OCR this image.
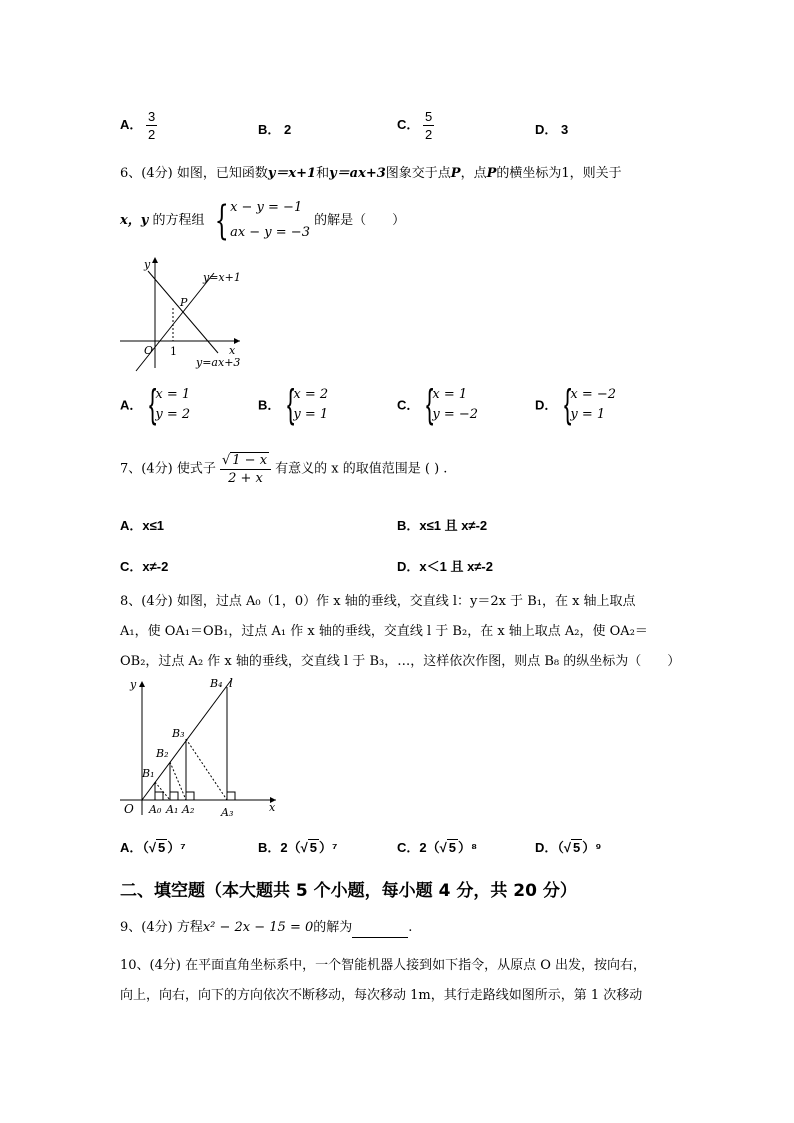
A． $\frac{3}{2}$	B． 2	C． $\frac{5}{2}$	D． 3
6、(4分) 如图，已知函数y＝x+1和y＝ax+3图象交于点P，点P的横坐标为1，则关于
x，y 的方程组 { x − y = −1
ax − y = −3
的解是（　　）
y
x
O 1
P
y=x+1
y=ax+3
A． { x = 1
y = 2
B． { x = 2
y = 1
C． { x = 1
y = −2
D． { x = −2
y = 1
7、(4分) 使式子 $\frac{√ 1 - x}{2 + x}$ 有意义的 x 的取值范围是 ( ) .
A．x≤1	B．x≤1 且 x≠-2
C．x≠-2	D．x＜1 且 x≠-2
8、(4分) 如图，过点 A₀（1，0）作 x 轴的垂线，交直线 l：y＝2x 于 B₁，在 x 轴上取点
A₁，使 OA₁＝OB₁，过点 A₁ 作 x 轴的垂线，交直线 l 于 B₂，在 x 轴上取点 A₂，使 OA₂＝
OB₂，过点 A₂ 作 x 轴的垂线，交直线 l 于 B₃，…，这样依次作图，则点 B₈ 的纵坐标为（　　）
y
x
O
l
B₁
B₂
B₃
B₄
A₀ A₁ A₂ A₃
A．（√ 5 ）⁷	B．2（√ 5 ）⁷	C．2（√ 5 ）⁸	D．（√ 5 ）⁹
二、填空题（本大题共 5 个小题，每小题 4 分，共 20 分）
9、(4分) 方程x² − 2x − 15 = 0的解为	.
10、(4分) 在平面直角坐标系中，一个智能机器人接到如下指令，从原点 O 出发，按向右，
向上，向右，向下的方向依次不断移动，每次移动 1m，其行走路线如图所示，第 1 次移动
